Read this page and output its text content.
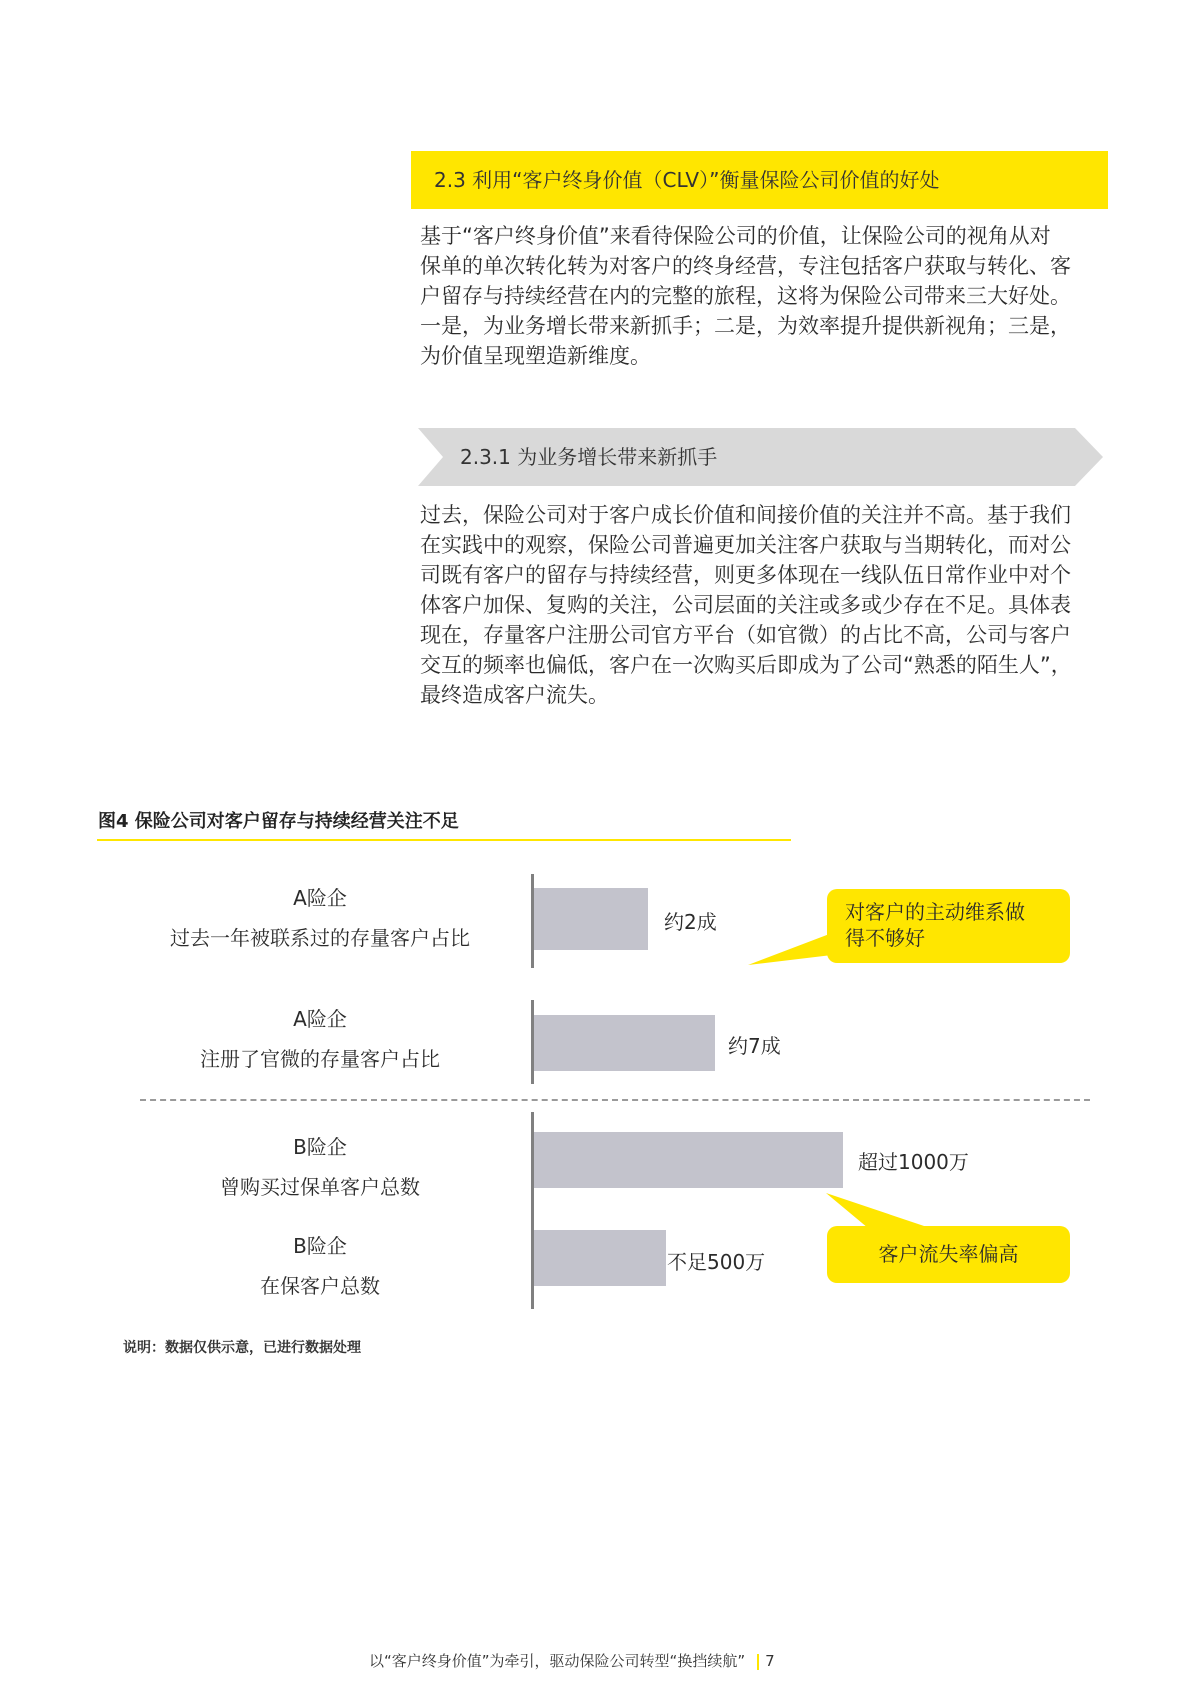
2.3 利用“客户终身价值（CLV）”衡量保险公司价值的好处
基于“客户终身价值”来看待保险公司的价值，让保险公司的视角从对
保单的单次转化转为对客户的终身经营，专注包括客户获取与转化、客
户留存与持续经营在内的完整的旅程，这将为保险公司带来三大好处。
一是，为业务增长带来新抓手；二是，为效率提升提供新视角；三是，
为价值呈现塑造新维度。
2.3.1 为业务增长带来新抓手
过去，保险公司对于客户成长价值和间接价值的关注并不高。基于我们
在实践中的观察，保险公司普遍更加关注客户获取与当期转化，而对公
司既有客户的留存与持续经营，则更多体现在一线队伍日常作业中对个
体客户加保、复购的关注，公司层面的关注或多或少存在不足。具体表
现在，存量客户注册公司官方平台（如官微）的占比不高，公司与客户
交互的频率也偏低，客户在一次购买后即成为了公司“熟悉的陌生人”，
最终造成客户流失。
图4 保险公司对客户留存与持续经营关注不足
A险企
过去一年被联系过的存量客户占比
约2成	对客户的主动维系做
得不够好
A险企
注册了官微的存量客户占比
约7成
B险企
曾购买过保单客户总数
超过1000万
B险企
在保客户总数
不足500万	客户流失率偏高
说明：数据仅供示意，已进行数据处理
以“客户终身价值”为牵引，驱动保险公司转型“换挡续航” 7
